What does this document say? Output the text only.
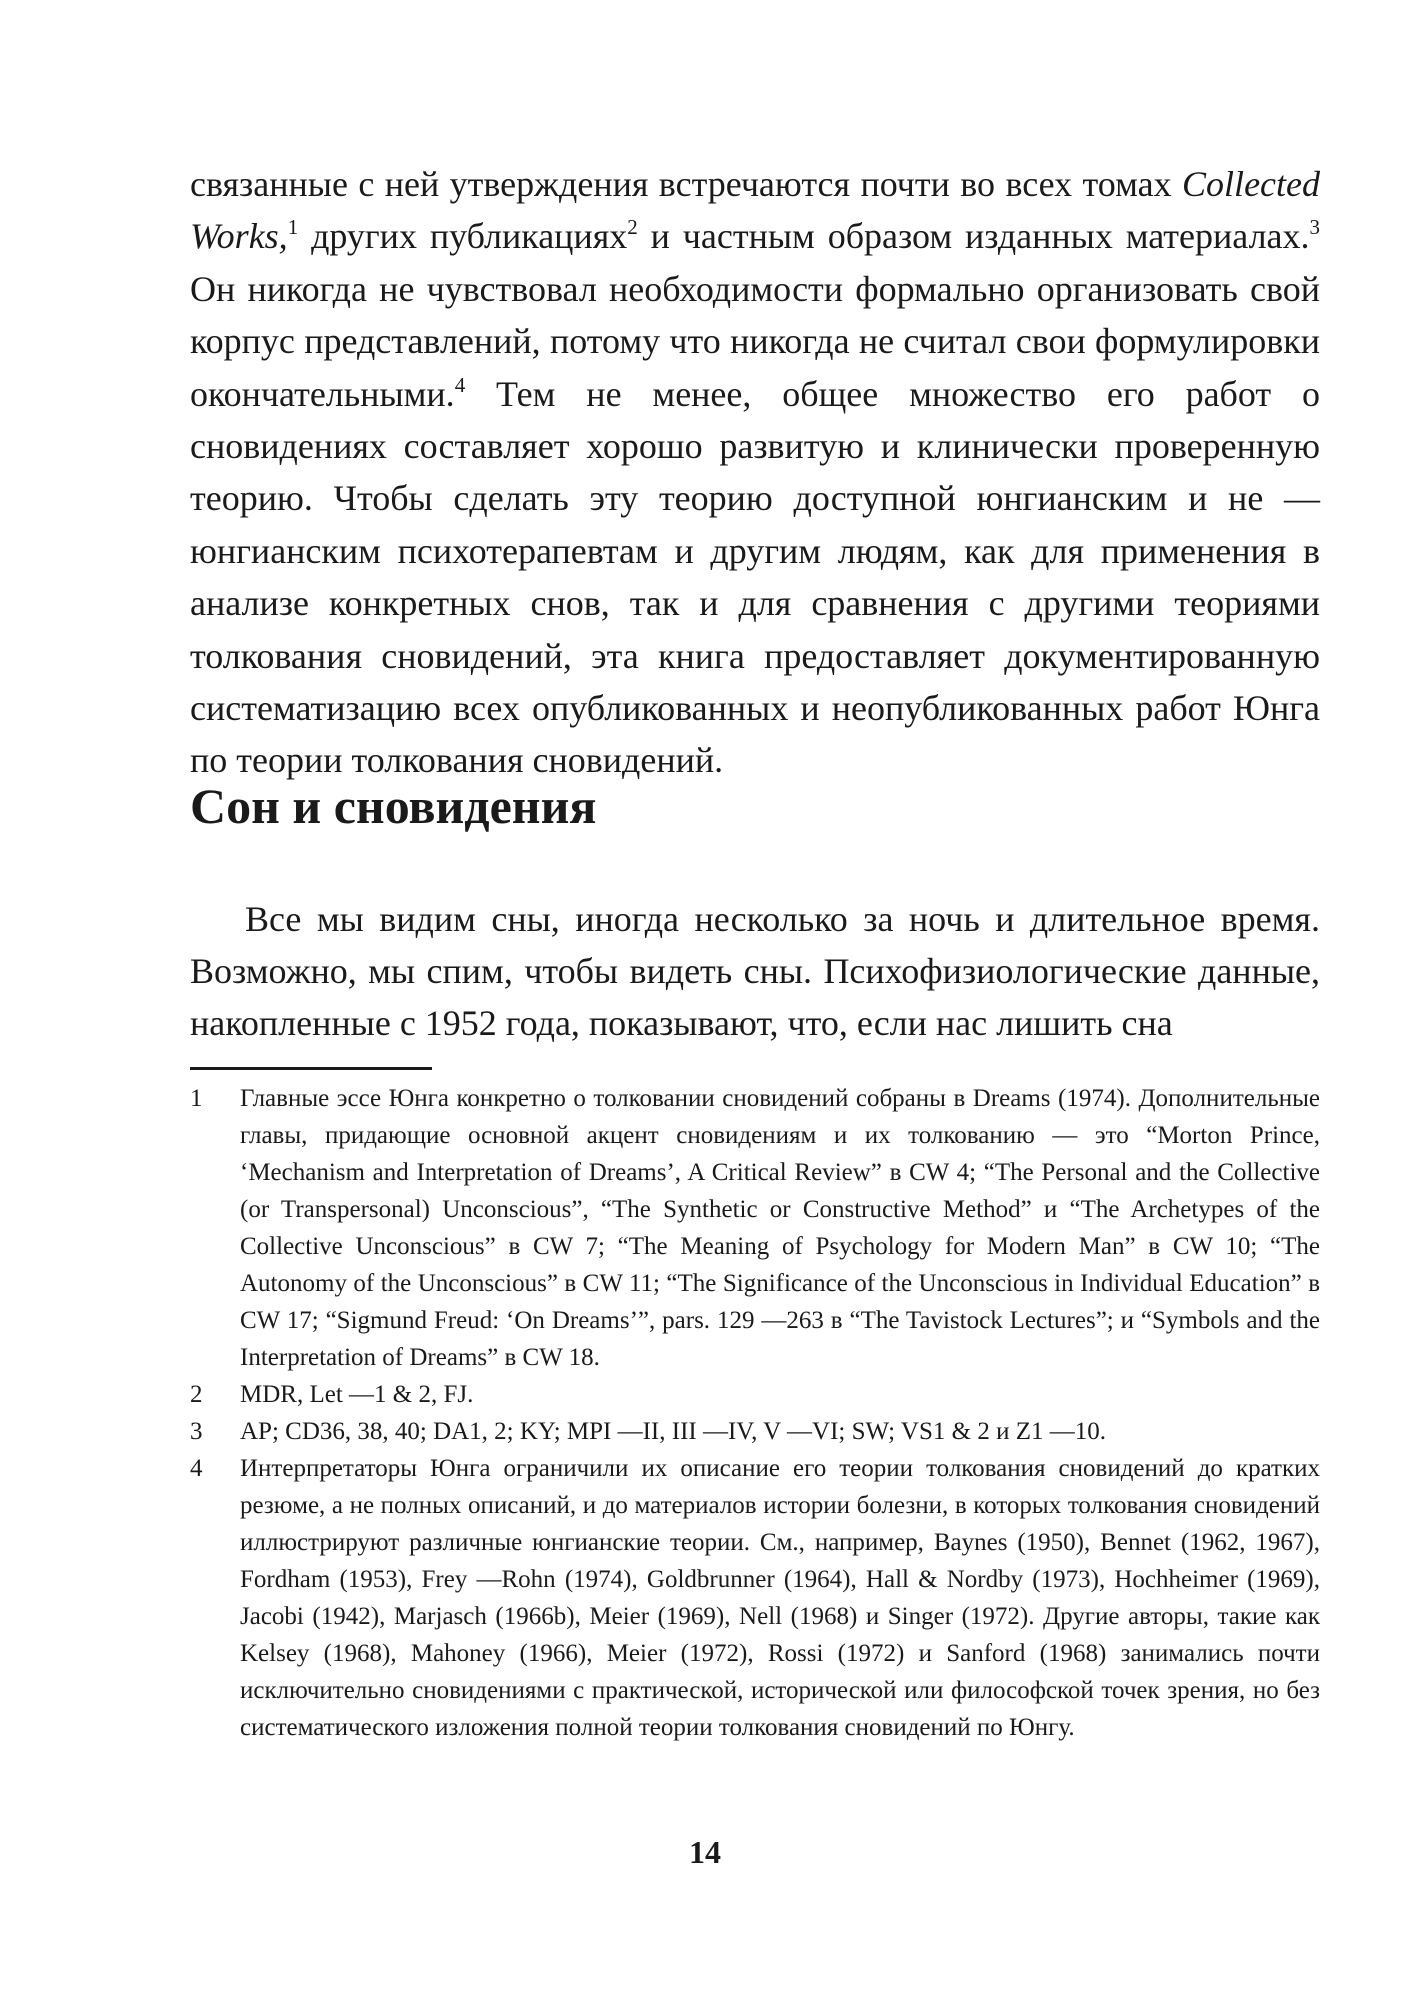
связанные с ней утверждения встречаются почти во всех томах Collected Works,$^1$ других публикациях$^2$ и частным образом изданных материалах.$^3$ Он никогда не чувствовал необходимости формально организовать свой корпус представлений, потому что никогда не считал свои формулировки окончательными.$^4$ Тем не менее, общее множество его работ о сновидениях составляет хорошо развитую и клинически проверенную теорию. Чтобы сделать эту теорию доступной юнгианским и не —юнгианским психотерапевтам и другим людям, как для применения в анализе конкретных снов, так и для сравнения с другими теориями толкования сновидений, эта книга предоставляет документированную систематизацию всех опубликованных и неопубликованных работ Юнга по теории толкования сновидений.

Сон и сновидения

Все мы видим сны, иногда несколько за ночь и длительное время. Возможно, мы спим, чтобы видеть сны. Психофизиологические данные, накопленные с 1952 года, показывают, что, если нас лишить сна

1	Главные эссе Юнга конкретно о толковании сновидений собраны в Dreams (1974). Дополнительные главы, придающие основной акцент сновидениям и их толкованию — это “Morton Prince, ‘Mechanism and Interpretation of Dreams’, A Critical Review” в CW 4; “The Personal and the Collective (or Transpersonal) Unconscious”, “The Synthetic or Constructive Method” и “The Archetypes of the Collective Unconscious” в CW 7; “The Meaning of Psychology for Modern Man” в CW 10; “The Autonomy of the Unconscious” в CW 11; “The Significance of the Unconscious in Individual Education” в CW 17; “Sigmund Freud: ‘On Dreams’”, pars. 129 —263 в “The Tavistock Lectures”; и “Symbols and the Interpretation of Dreams” в CW 18.
2	MDR, Let —1 & 2, FJ.
3	AP; CD36, 38, 40; DA1, 2; KY; MPI —II, III —IV, V —VI; SW; VS1 & 2 и Z1 —10.
4	Интерпретаторы Юнга ограничили их описание его теории толкования сновидений до кратких резюме, а не полных описаний, и до материалов истории болезни, в которых толкования сновидений иллюстрируют различные юнгианские теории. См., например, Baynes (1950), Bennet (1962, 1967), Fordham (1953), Frey —Rohn (1974), Goldbrunner (1964), Hall & Nordby (1973), Hochheimer (1969), Jacobi (1942), Marjasch (1966b), Meier (1969), Nell (1968) и Singer (1972). Другие авторы, такие как Kelsey (1968), Mahoney (1966), Meier (1972), Rossi (1972) и Sanford (1968) занимались почти исключительно сновидениями с практической, исторической или философской точек зрения, но без систематического изложения полной теории толкования сновидений по Юнгу.
14
